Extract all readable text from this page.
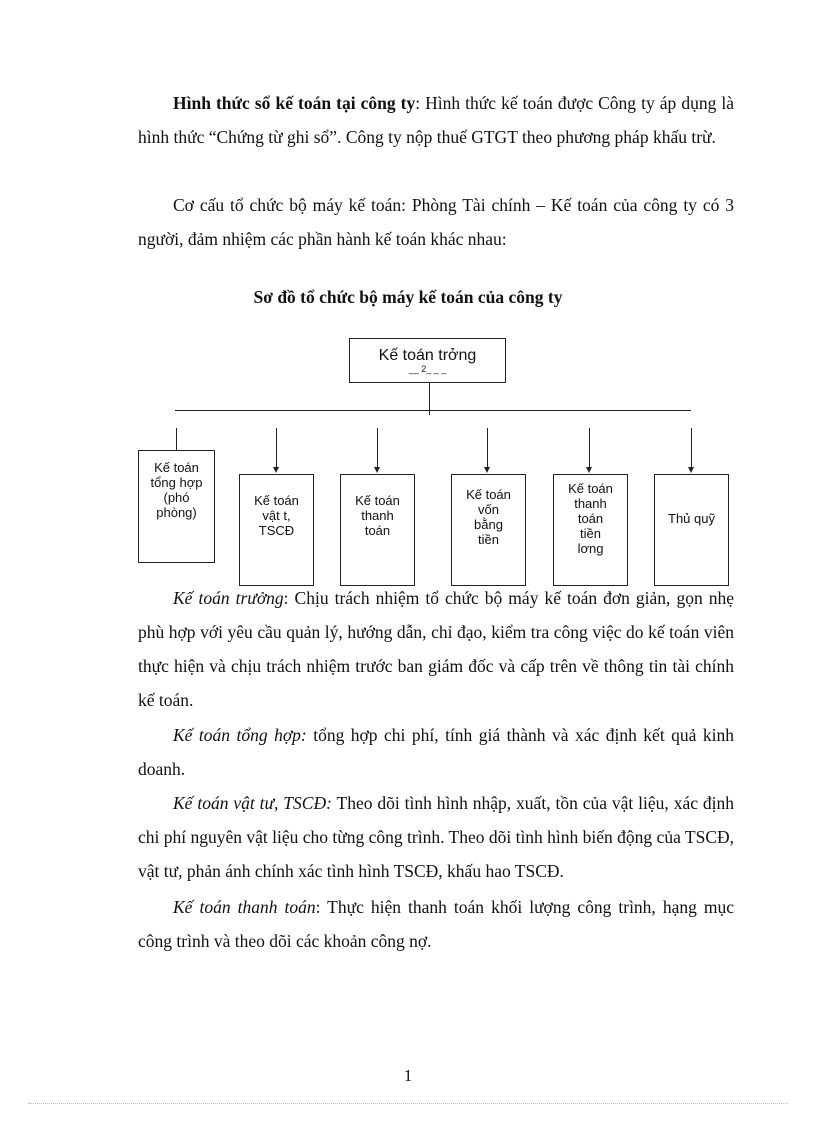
Hình thức sổ kế toán tại công ty: Hình thức kế toán được Công ty áp dụng là hình thức “Chứng từ ghi sổ”. Công ty nộp thuế GTGT theo phương pháp khấu trừ.
Cơ cấu tổ chức bộ máy kế toán: Phòng Tài chính – Kế toán của công ty có 3 người, đảm nhiệm các phần hành kế toán khác nhau:
Sơ đồ tổ chức bộ máy kế toán của công ty
Kế toán trởng
__ 2_ _ _
Kế toán
tổng hợp
(phó
phòng)
Kế toán
vật t,
TSCĐ
Kế toán
thanh
toán
Kế toán
vốn
bằng
tiền
Kế toán
thanh
toán
tiền
lơng
Thủ quỹ
Kế toán trưởng: Chịu trách nhiệm tổ chức bộ máy kế toán đơn giản, gọn nhẹ phù hợp với yêu cầu quản lý, hướng dẫn, chỉ đạo, kiểm tra công việc do kế toán viên thực hiện và chịu trách nhiệm trước ban giám đốc và cấp trên về thông tin tài chính kế toán.
Kế toán tổng hợp: tổng hợp chi phí, tính giá thành và xác định kết quả kinh doanh.
Kế toán vật tư, TSCĐ: Theo dõi tình hình nhập, xuất, tồn của vật liệu, xác định chi phí nguyên vật liệu cho từng công trình. Theo dõi tình hình biến động của TSCĐ, vật tư, phản ánh chính xác tình hình TSCĐ, khấu hao TSCĐ.
Kế toán thanh toán: Thực hiện thanh toán khối lượng công trình, hạng mục công trình và theo dõi các khoản công nợ.
1
